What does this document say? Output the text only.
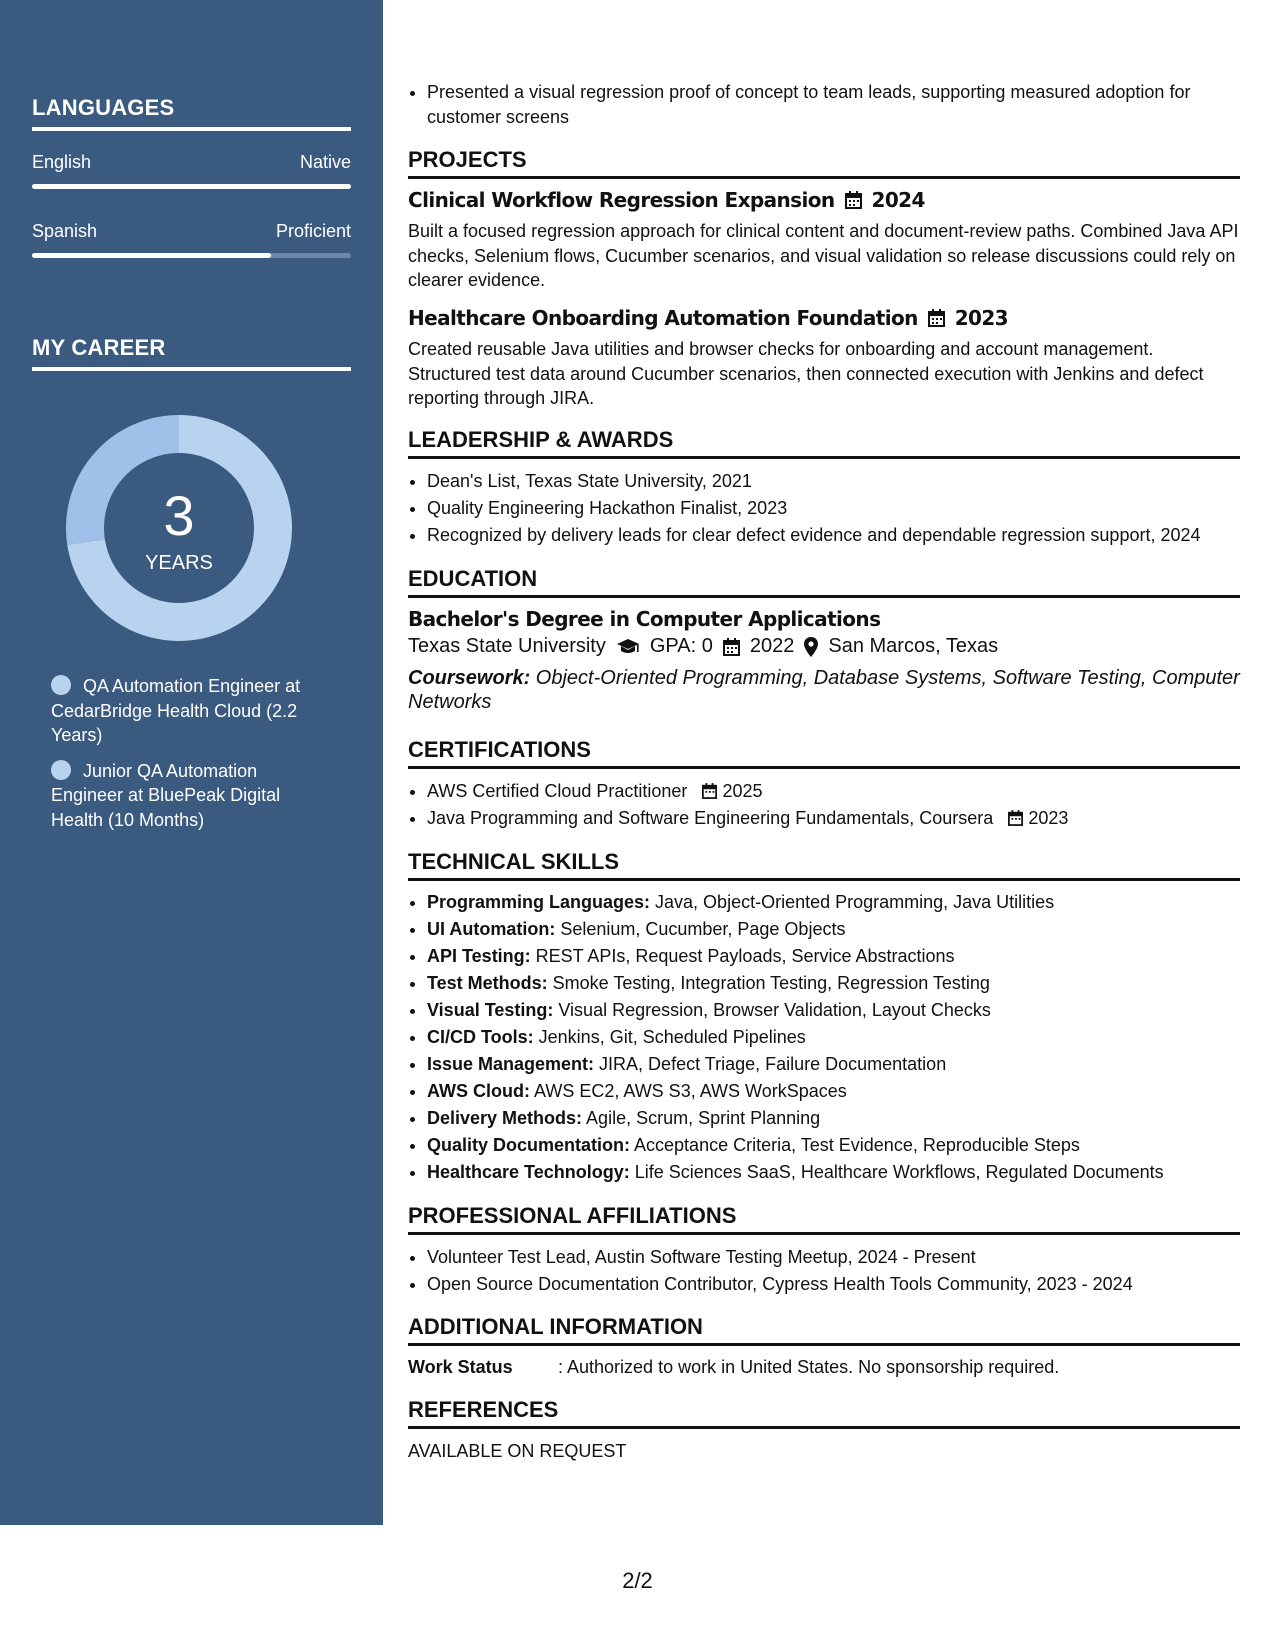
LANGUAGES
English	Native
Spanish	Proficient
MY CAREER
3
YEARS
QA Automation Engineer at CedarBridge Health Cloud (2.2 Years)
Junior QA Automation Engineer at BluePeak Digital Health (10 Months)
• Presented a visual regression proof of concept to team leads, supporting measured adoption for customer screens
PROJECTS
Clinical Workflow Regression Expansion 2024
Built a focused regression approach for clinical content and document-review paths. Combined Java API checks, Selenium flows, Cucumber scenarios, and visual validation so release discussions could rely on clearer evidence.
Healthcare Onboarding Automation Foundation 2023
Created reusable Java utilities and browser checks for onboarding and account management. Structured test data around Cucumber scenarios, then connected execution with Jenkins and defect reporting through JIRA.
LEADERSHIP & AWARDS
• Dean's List, Texas State University, 2021
• Quality Engineering Hackathon Finalist, 2023
• Recognized by delivery leads for clear defect evidence and dependable regression support, 2024
EDUCATION
Bachelor's Degree in Computer Applications
Texas State University GPA: 0 2022 San Marcos, Texas
Coursework: Object-Oriented Programming, Database Systems, Software Testing, Computer Networks
CERTIFICATIONS
• AWS Certified Cloud Practitioner 2025
• Java Programming and Software Engineering Fundamentals, Coursera 2023
TECHNICAL SKILLS
• Programming Languages: Java, Object-Oriented Programming, Java Utilities
• UI Automation: Selenium, Cucumber, Page Objects
• API Testing: REST APIs, Request Payloads, Service Abstractions
• Test Methods: Smoke Testing, Integration Testing, Regression Testing
• Visual Testing: Visual Regression, Browser Validation, Layout Checks
• CI/CD Tools: Jenkins, Git, Scheduled Pipelines
• Issue Management: JIRA, Defect Triage, Failure Documentation
• AWS Cloud: AWS EC2, AWS S3, AWS WorkSpaces
• Delivery Methods: Agile, Scrum, Sprint Planning
• Quality Documentation: Acceptance Criteria, Test Evidence, Reproducible Steps
• Healthcare Technology: Life Sciences SaaS, Healthcare Workflows, Regulated Documents
PROFESSIONAL AFFILIATIONS
• Volunteer Test Lead, Austin Software Testing Meetup, 2024 - Present
• Open Source Documentation Contributor, Cypress Health Tools Community, 2023 - 2024
ADDITIONAL INFORMATION
Work Status	: Authorized to work in United States. No sponsorship required.
REFERENCES
AVAILABLE ON REQUEST
2/2
